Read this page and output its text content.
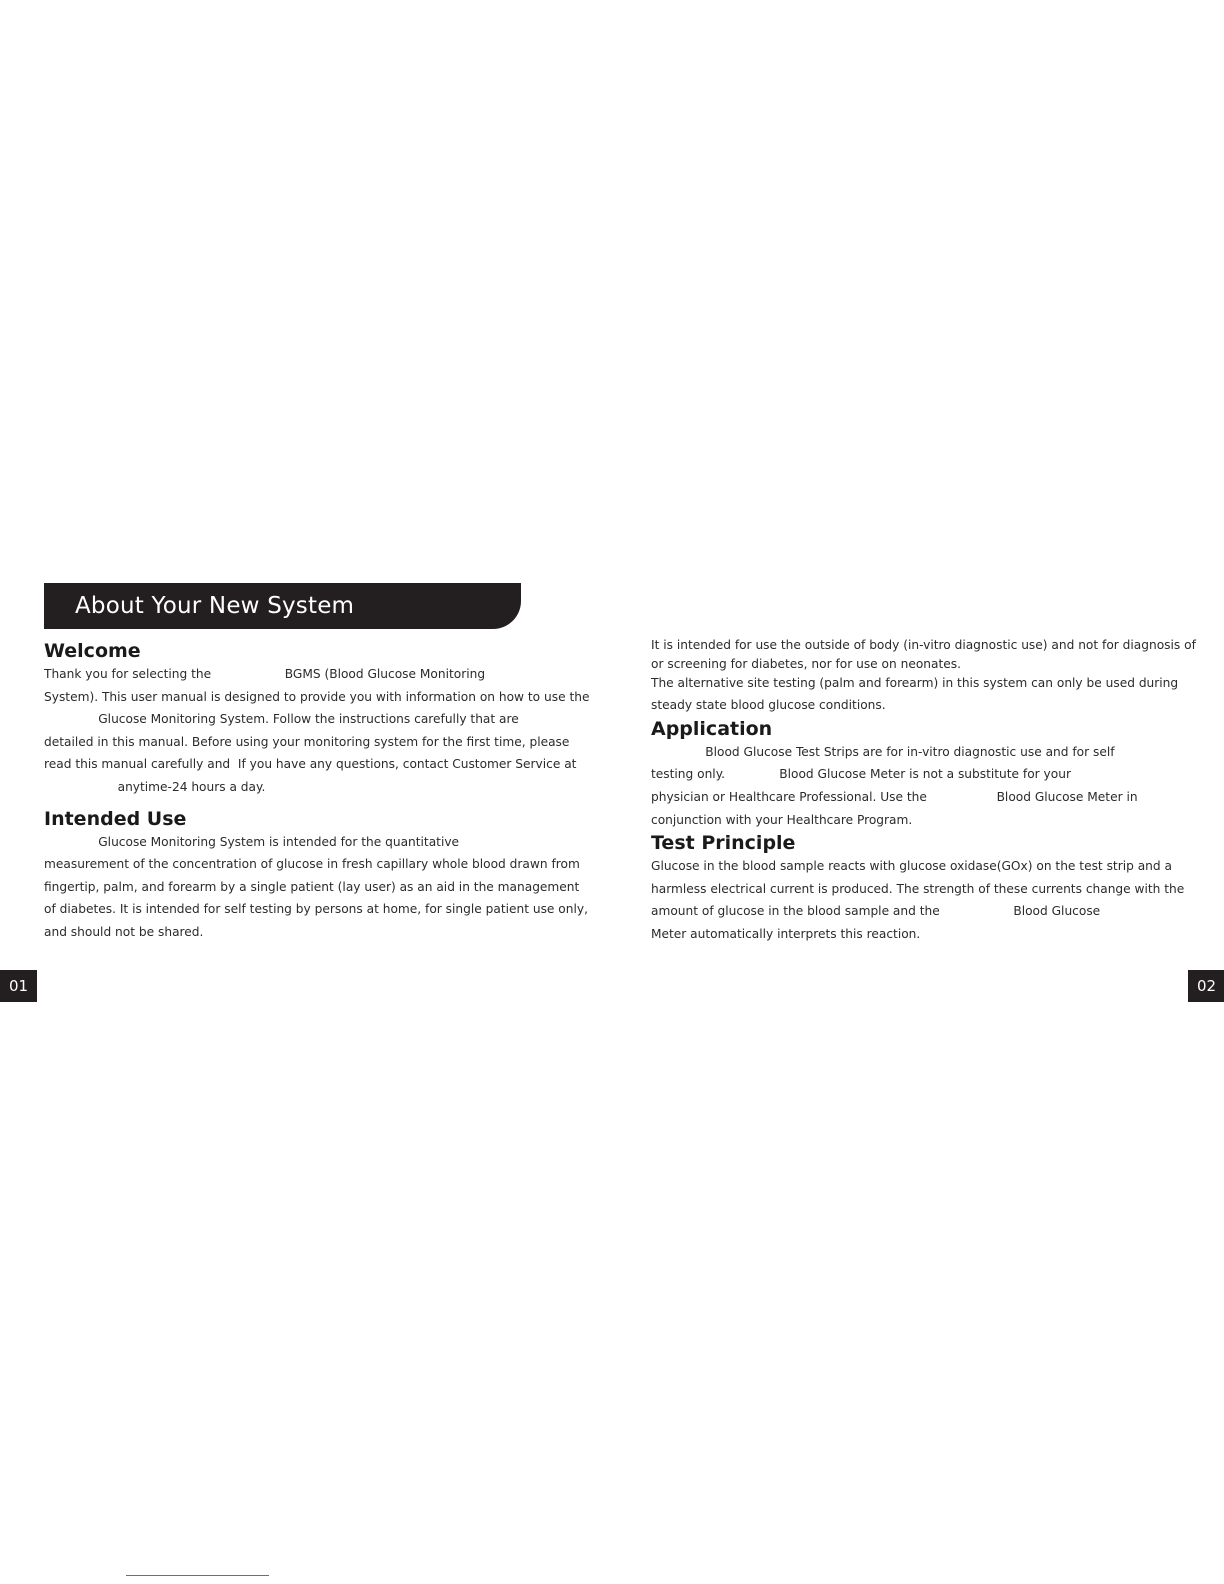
About Your New System
Welcome
Thank you for selecting the                   BGMS (Blood Glucose Monitoring
System). This user manual is designed to provide you with information on how to use the
Glucose Monitoring System. Follow the instructions carefully that are
detailed in this manual. Before using your monitoring system for the first time, please
read this manual carefully and  If you have any questions, contact Customer Service at
anytime-24 hours a day.
Intended Use
Glucose Monitoring System is intended for the quantitative
measurement of the concentration of glucose in fresh capillary whole blood drawn from
fingertip, palm, and forearm by a single patient (lay user) as an aid in the management
of diabetes. It is intended for self testing by persons at home, for single patient use only,
and should not be shared.
It is intended for use the outside of body (in-vitro diagnostic use) and not for diagnosis of
or screening for diabetes, nor for use on neonates.
The alternative site testing (palm and forearm) in this system can only be used during
steady state blood glucose conditions.
Application
Blood Glucose Test Strips are for in-vitro diagnostic use and for self
testing only.              Blood Glucose Meter is not a substitute for your
physician or Healthcare Professional. Use the                  Blood Glucose Meter in
conjunction with your Healthcare Program.
Test Principle
Glucose in the blood sample reacts with glucose oxidase(GOx) on the test strip and a
harmless electrical current is produced. The strength of these currents change with the
amount of glucose in the blood sample and the                   Blood Glucose
Meter automatically interprets this reaction.
01	02
